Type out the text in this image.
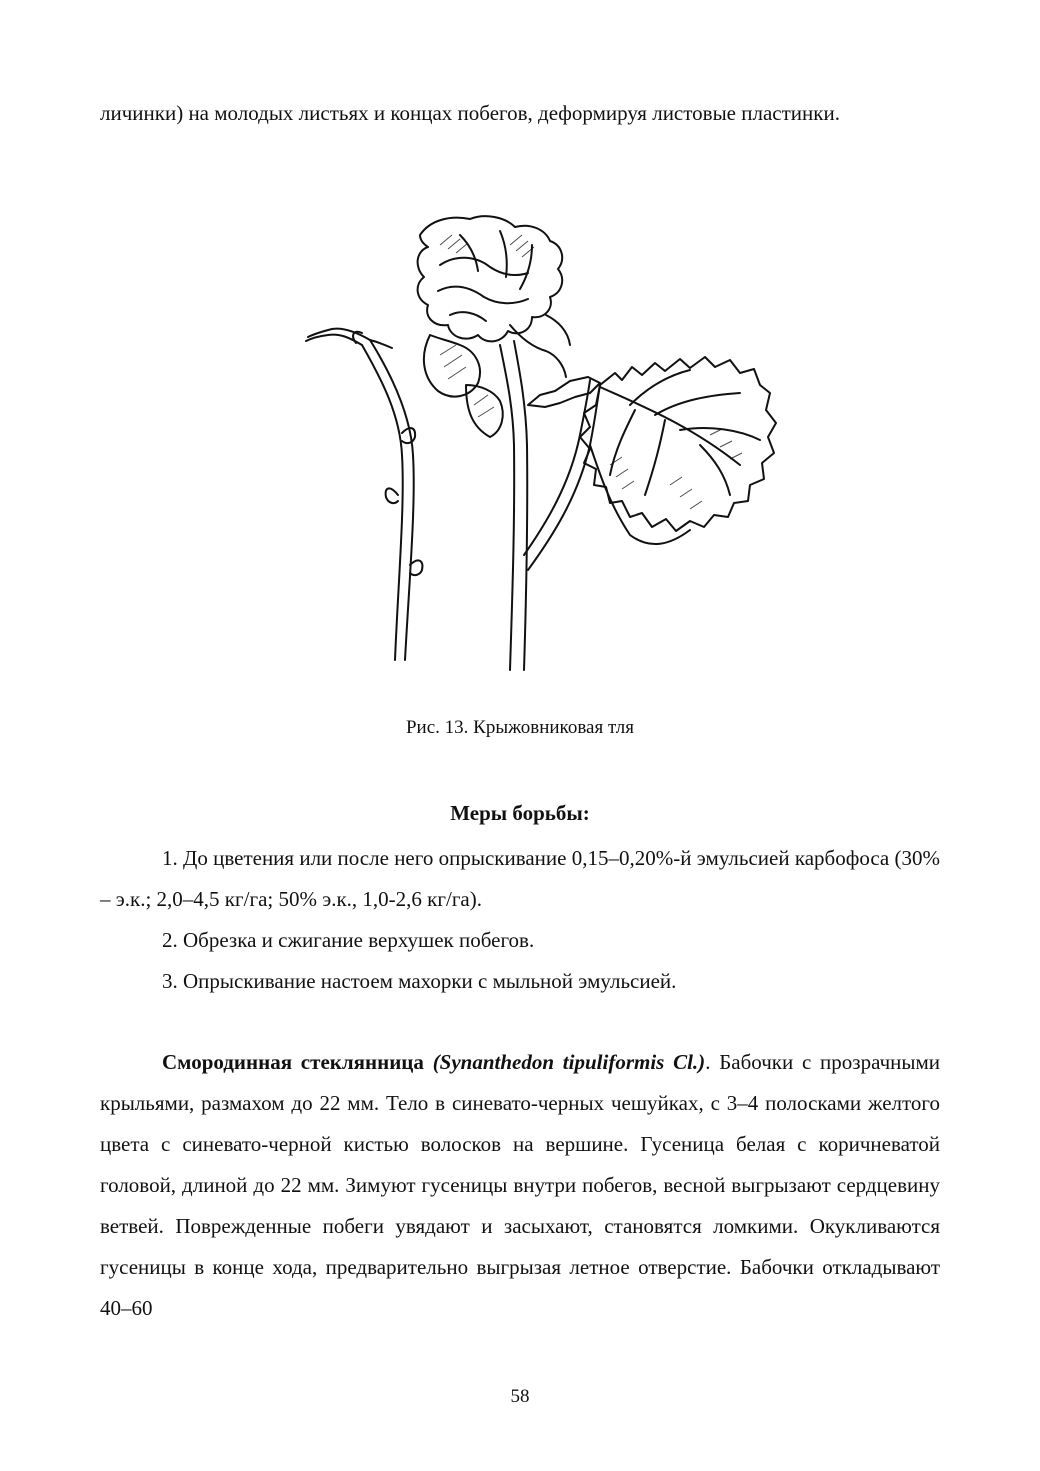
личинки) на молодых листьях и концах побегов, деформируя листовые пластинки.
Рис. 13. Крыжовниковая тля
Меры борьбы:

1. До цветения или после него опрыскивание 0,15–0,20%-й эмульсией карбофоса (30% – э.к.; 2,0–4,5 кг/га; 50% э.к., 1,0-2,6 кг/га).

2. Обрезка и сжигание верхушек побегов.

3. Опрыскивание настоем махорки с мыльной эмульсией.

Смородинная стеклянница (Synanthedon tipuliformis Cl.). Бабочки с прозрачными крыльями, размахом до 22 мм. Тело в синевато-черных чешуйках, с 3–4 полосками желтого цвета с синевато-черной кистью волосков на вершине. Гусеница белая с коричневатой головой, длиной до 22 мм. Зимуют гусеницы внутри побегов, весной выгрызают сердцевину ветвей. Поврежденные побеги увядают и засыхают, становятся ломкими. Окукливаются гусеницы в конце хода, предварительно выгрызая летное отверстие. Бабочки откладывают 40–60

58
